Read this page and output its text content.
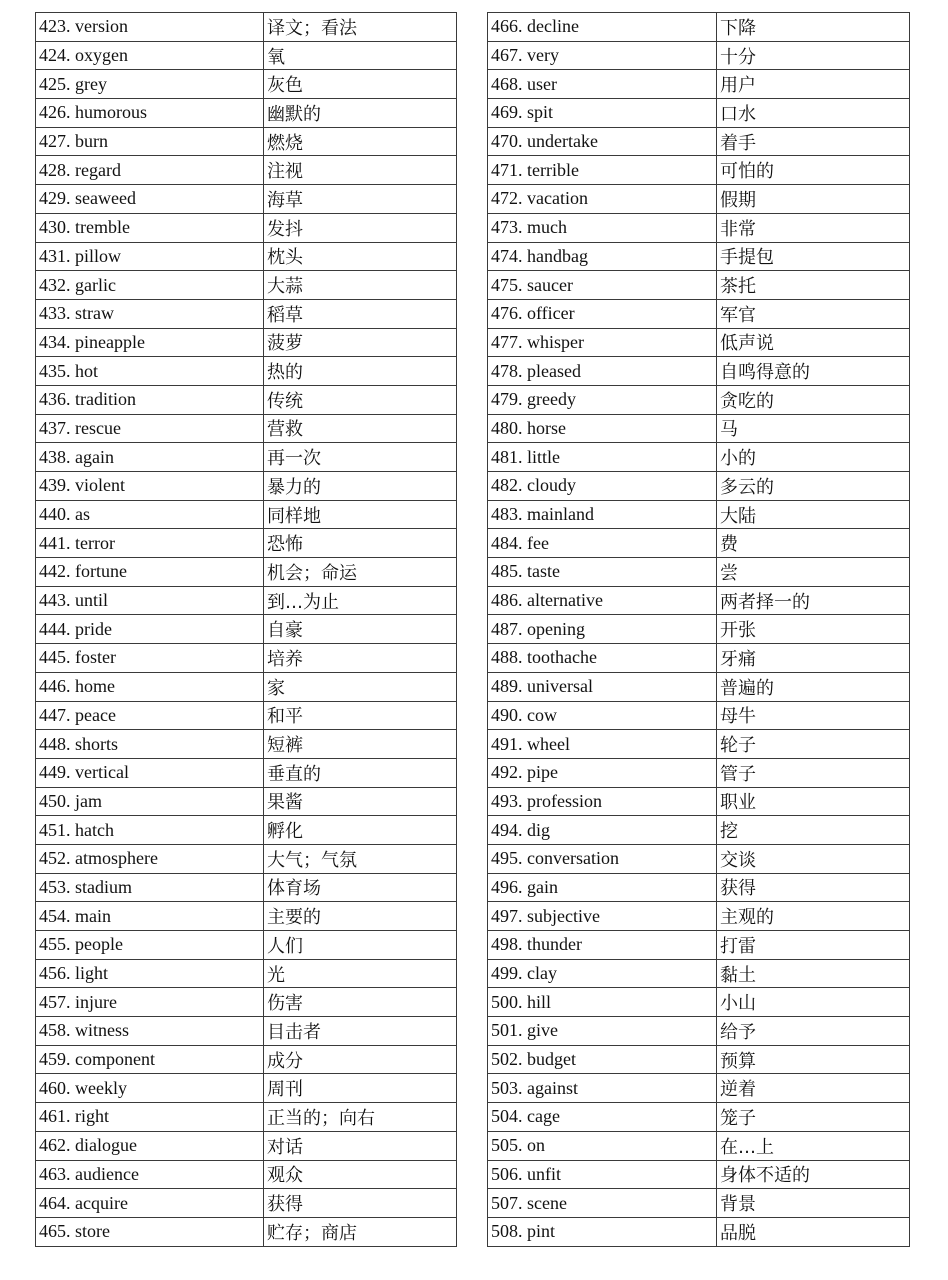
423. version	译文；看法
424. oxygen	氧
425. grey	灰色
426. humorous	幽默的
427. burn	燃烧
428. regard	注视
429. seaweed	海草
430. tremble	发抖
431. pillow	枕头
432. garlic	大蒜
433. straw	稻草
434. pineapple	菠萝
435. hot	热的
436. tradition	传统
437. rescue	营救
438. again	再一次
439. violent	暴力的
440. as	同样地
441. terror	恐怖
442. fortune	机会；命运
443. until	到…为止
444. pride	自豪
445. foster	培养
446. home	家
447. peace	和平
448. shorts	短裤
449. vertical	垂直的
450. jam	果酱
451. hatch	孵化
452. atmosphere	大气；气氛
453. stadium	体育场
454. main	主要的
455. people	人们
456. light	光
457. injure	伤害
458. witness	目击者
459. component	成分
460. weekly	周刊
461. right	正当的；向右
462. dialogue	对话
463. audience	观众
464. acquire	获得
465. store	贮存；商店
466. decline	下降
467. very	十分
468. user	用户
469. spit	口水
470. undertake	着手
471. terrible	可怕的
472. vacation	假期
473. much	非常
474. handbag	手提包
475. saucer	茶托
476. officer	军官
477. whisper	低声说
478. pleased	自鸣得意的
479. greedy	贪吃的
480. horse	马
481. little	小的
482. cloudy	多云的
483. mainland	大陆
484. fee	费
485. taste	尝
486. alternative	两者择一的
487. opening	开张
488. toothache	牙痛
489. universal	普遍的
490. cow	母牛
491. wheel	轮子
492. pipe	管子
493. profession	职业
494. dig	挖
495. conversation	交谈
496. gain	获得
497. subjective	主观的
498. thunder	打雷
499. clay	黏土
500. hill	小山
501. give	给予
502. budget	预算
503. against	逆着
504. cage	笼子
505. on	在…上
506. unfit	身体不适的
507. scene	背景
508. pint	品脱
